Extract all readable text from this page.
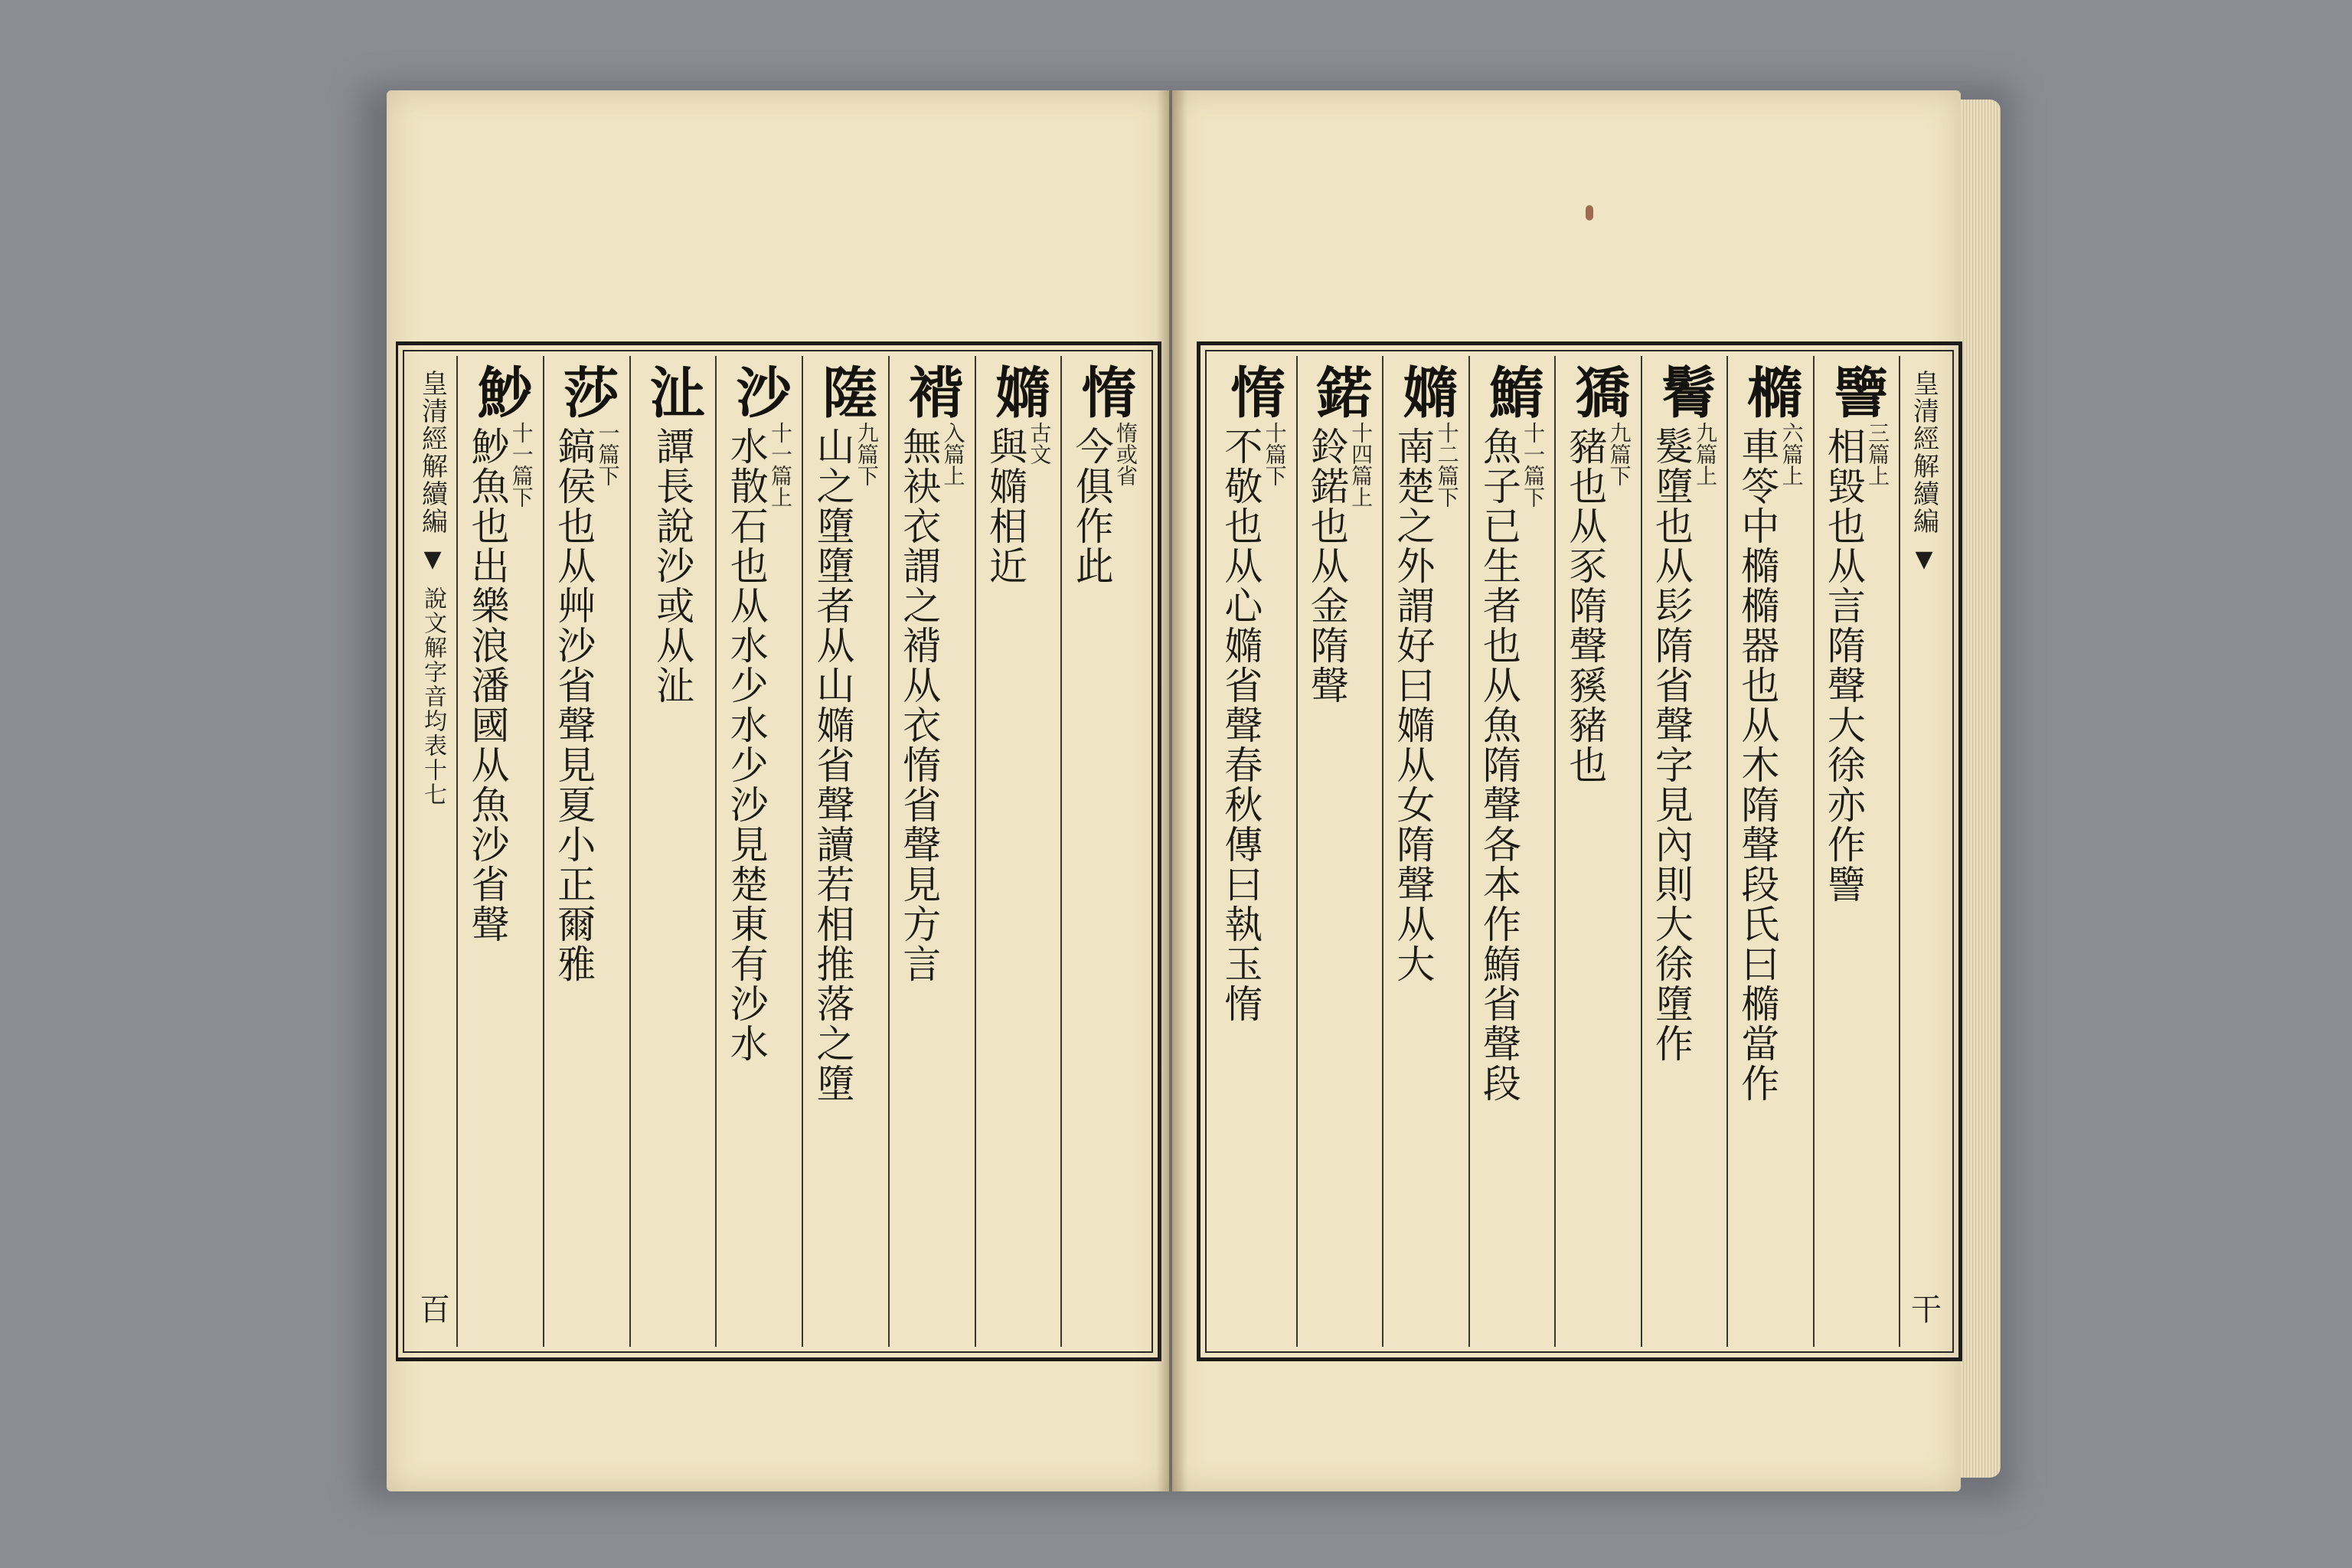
惰
惰或省
今俱作此
嫷
古文
與嫷相近
褙
入篇上
無袂衣謂之褙从衣惰省聲見方言
隓
九篇下
山之墮墮者从山嫷省聲讀若相推落之墮
沙
十一篇上
水散石也从水少水少沙見楚東有沙水
沚
譚長說沙或从沚
莎
一篇下
鎬侯也从艸沙省聲見夏小正爾雅
魦
十一篇下
魦魚也出樂浪潘國从魚沙省聲
皇清經解續編
▼
說文解字音均表十七
百
皇清經解續編
▼
干
譼
三篇上
相毀也从言隋聲大徐亦作譼
橢
六篇上
車笭中橢橢器也从木隋聲段氏曰橢當作
鬌
九篇上
髮墮也从髟隋省聲字見內則大徐墮作
獢
九篇下
豬也从豕隋聲豯豬也
鰖
十一篇下
魚子已生者也从魚隋聲各本作鰖省聲段
嫷
十二篇下
南楚之外謂好曰嫷从女隋聲从大
鍩
十四篇上
鈴鍩也从金隋聲
惰
十篇下
不敬也从心嫷省聲春秋傳曰執玉惰
